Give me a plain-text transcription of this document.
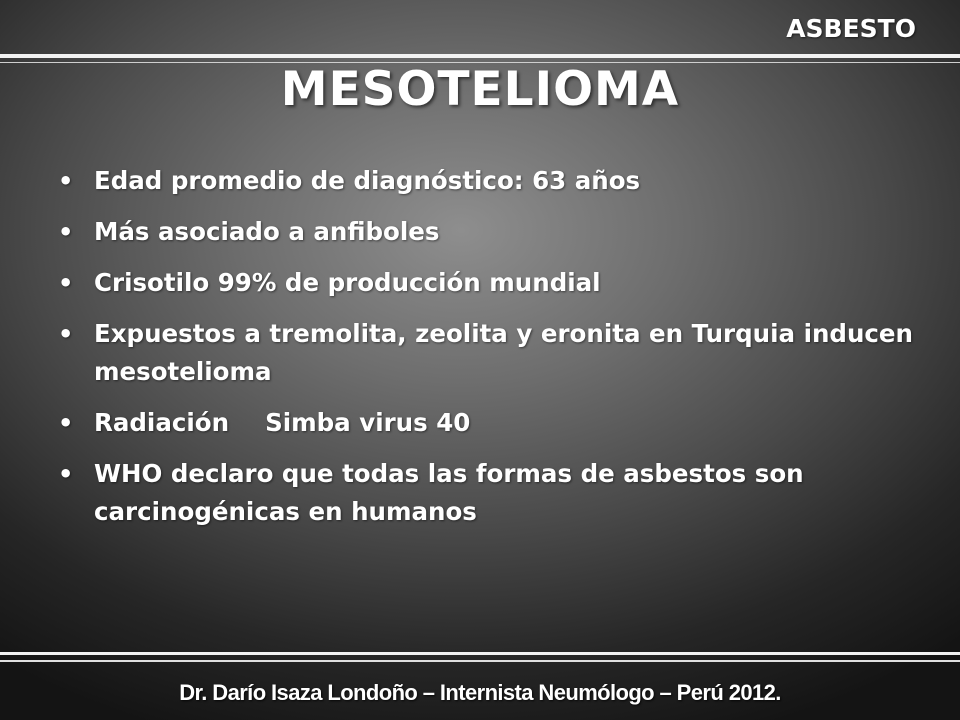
ASBESTO
MESOTELIOMA
• Edad promedio de diagnóstico: 63 años
• Más asociado a anfiboles
• Crisotilo 99% de producción mundial
• Expuestos a tremolita, zeolita y eronita en Turquia inducen mesotelioma
• Radiación Simba virus 40
• WHO declaro que todas las formas de asbestos son carcinogénicas en humanos
Dr. Darío Isaza Londoño – Internista Neumólogo – Perú 2012.
